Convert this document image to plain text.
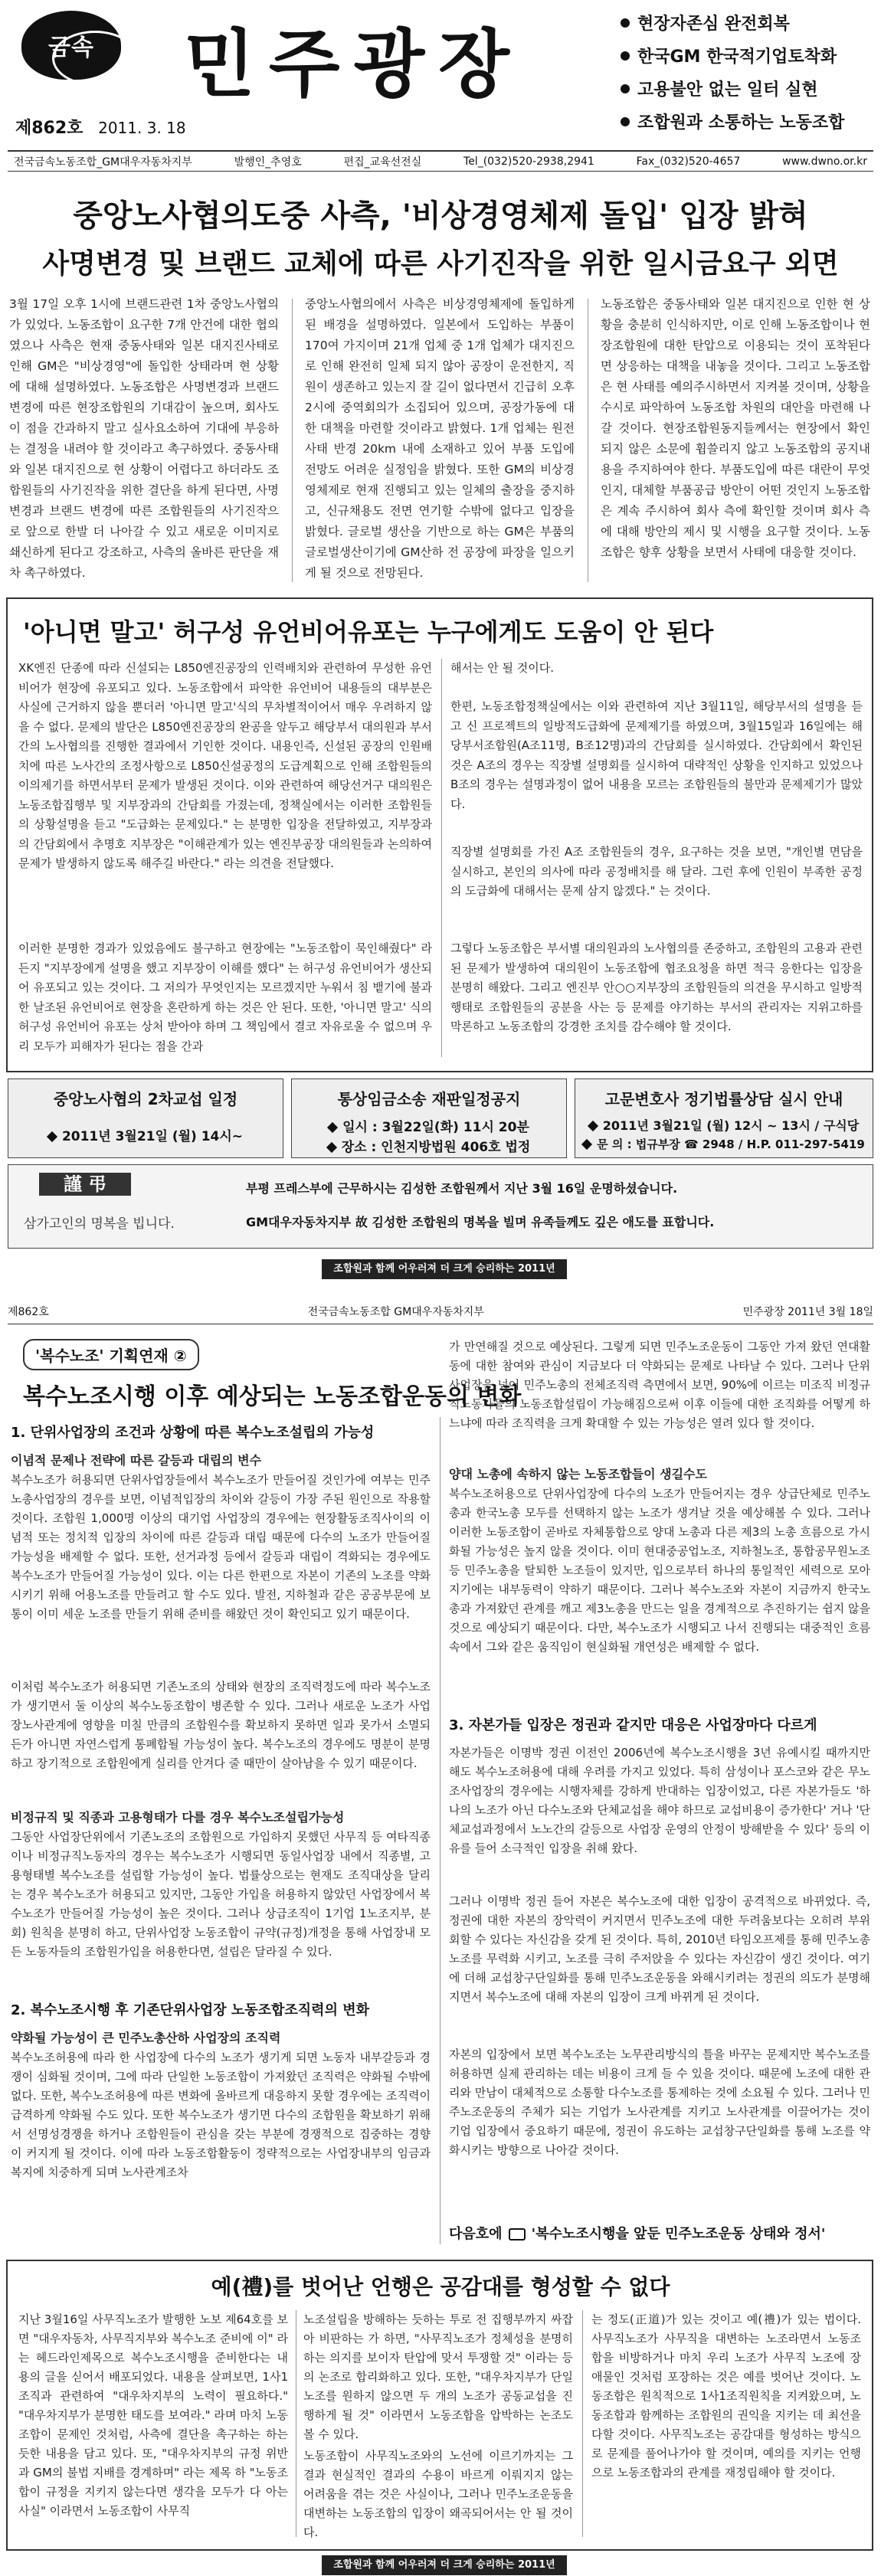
금속 민주광장
제862호 2011. 3. 18
현장자존심 완전회복
한국GM 한국적기업토착화
고용불안 없는 일터 실현
조합원과 소통하는 노동조합
전국금속노동조합_GM대우자동차지부	발행인_추영호	편집_교육선전실	Tel_(032)520-2938,2941	Fax_(032)520-4657	www.dwno.or.kr
중앙노사협의도중 사측, '비상경영체제 돌입' 입장 밝혀
사명변경 및 브랜드 교체에 따른 사기진작을 위한 일시금요구 외면

3월 17일 오후 1시에 브랜드관련 1차 중앙노사협의가 있었다. 노동조합이 요구한 7개 안건에 대한 협의였으나 사측은 현재 중동사태와 일본 대지진사태로 인해 GM은 "비상경영"에 돌입한 상태라며 현 상황에 대해 설명하였다. 노동조합은 사명변경과 브랜드 변경에 따른 현장조합원의 기대감이 높으며, 회사도 이 점을 간과하지 말고 실사요소하여 기대에 부응하는 결정을 내려야 할 것이라고 촉구하였다. 중동사태와 일본 대지진으로 현 상황이 어렵다고 하더라도 조합원들의 사기진작을 위한 결단을 하게 된다면, 사명변경과 브랜드 변경에 따른 조합원들의 사기진작으로 앞으로 한발 더 나아갈 수 있고 새로운 이미지로 쇄신하게 된다고 강조하고, 사측의 올바른 판단을 재차 촉구하였다.

중앙노사협의에서 사측은 비상경영체제에 돌입하게 된 배경을 설명하였다. 일본에서 도입하는 부품이 170여 가지이며 21개 업체 중 1개 업체가 대지진으로 인해 완전히 일체 되지 않아 공장이 운전한지, 직원이 생존하고 있는지 잘 길이 없다면서 긴급히 오후 2시에 중역회의가 소집되어 있으며, 공장가동에 대한 대책을 마련할 것이라고 밝혔다. 1개 업체는 원전사태 반경 20km 내에 소재하고 있어 부품 도입에 전망도 어려운 실정임을 밝혔다. 또한 GM의 비상경영체제로 현재 진행되고 있는 일체의 출장을 중지하고, 신규채용도 전면 연기할 수밖에 없다고 입장을 밝혔다. 글로벌 생산을 기반으로 하는 GM은 부품의 글로벌생산이기에 GM산하 전 공장에 파장을 일으키게 될 것으로 전망된다.

노동조합은 중동사태와 일본 대지진으로 인한 현 상황을 충분히 인식하지만, 이로 인해 노동조합이나 현장조합원에 대한 탄압으로 이용되는 것이 포착된다면 상응하는 대책을 내놓을 것이다. 그리고 노동조합은 현 사태를 예의주시하면서 지켜볼 것이며, 상황을 수시로 파악하여 노동조합 차원의 대안을 마련해 나갈 것이다. 현장조합원동지들께서는 현장에서 확인되지 않은 소문에 휩쓸리지 않고 노동조합의 공지내용을 주지하여야 한다. 부품도입에 따른 대란이 무엇인지, 대체할 부품공급 방안이 어떤 것인지 노동조합은 계속 주시하여 회사 측에 확인할 것이며 회사 측에 대해 방안의 제시 및 시행을 요구할 것이다. 노동조합은 향후 상황을 보면서 사태에 대응할 것이다.

'아니면 말고' 허구성 유언비어유포는 누구에게도 도움이 안 된다

XK엔진 단종에 따라 신설되는 L850엔진공장의 인력배치와 관련하여 무성한 유언비어가 현장에 유포되고 있다. 노동조합에서 파악한 유언비어 내용들의 대부분은 사실에 근거하지 않을 뿐더러 '아니면 말고'식의 무차별적이어서 매우 우려하지 않을 수 없다. 문제의 발단은 L850엔진공장의 완공을 앞두고 해당부서 대의원과 부서간의 노사협의를 진행한 결과에서 기인한 것이다. 내용인즉, 신설된 공장의 인원배치에 따른 노사간의 조정사항으로 L850신설공정의 도급계획으로 인해 조합원들의 이의제기를 하면서부터 문제가 발생된 것이다. 이와 관련하여 해당선거구 대의원은 노동조합집행부 및 지부장과의 간담회를 가졌는데, 정책실에서는 이러한 조합원들의 상황설명을 듣고 "도급화는 문제있다." 는 분명한 입장을 전달하였고, 지부장과의 간담회에서 추명호 지부장은 "이해관계가 있는 엔진부공장 대의원들과 논의하여 문제가 발생하지 않도록 해주길 바란다." 라는 의견을 전달했다.

이러한 분명한 경과가 있었음에도 불구하고 현장에는 "노동조합이 묵인해줬다" 라든지 "지부장에게 설명을 했고 지부장이 이해를 했다" 는 허구성 유언비어가 생산되어 유포되고 있는 것이다. 그 저의가 무엇인지는 모르겠지만 누워서 침 뱉기에 불과한 날조된 유언비어로 현장을 혼란하게 하는 것은 안 된다. 또한, '아니면 말고' 식의 허구성 유언비어 유포는 상처 받아야 하며 그 책임에서 결코 자유로울 수 없으며 우리 모두가 피해자가 된다는 점을 간과

해서는 안 될 것이다.

한편, 노동조합정책실에서는 이와 관련하여 지난 3월11일, 해당부서의 설명을 듣고 신 프로젝트의 일방적도급화에 문제제기를 하였으며, 3월15일과 16일에는 해당부서조합원(A조11명, B조12명)과의 간담회를 실시하였다. 간담회에서 확인된 것은 A조의 경우는 직장별 설명회를 실시하여 대략적인 상황을 인지하고 있었으나 B조의 경우는 설명과정이 없어 내용을 모르는 조합원들의 불만과 문제제기가 많았다.

직장별 설명회를 가진 A조 조합원들의 경우, 요구하는 것을 보면, "개인별 면담을 실시하고, 본인의 의사에 따라 공정배치를 해 달라. 그런 후에 인원이 부족한 공정의 도급화에 대해서는 문제 삼지 않겠다." 는 것이다.

그렇다 노동조합은 부서별 대의원과의 노사협의를 존중하고, 조합원의 고용과 관련된 문제가 발생하여 대의원이 노동조합에 협조요청을 하면 적극 응한다는 입장을 분명히 해왔다. 그리고 엔진부 안○○지부장의 조합원들의 의견을 무시하고 일방적 행태로 조합원들의 공분을 사는 등 문제를 야기하는 부서의 관리자는 지위고하를 막론하고 노동조합의 강경한 조치를 감수해야 할 것이다.

중앙노사협의 2차교섭 일정
2011년 3월21일 (월) 14시~
통상임금소송 재판일정공지
일시 : 3월22일(화) 11시 20분
장소 : 인천지방법원 406호 법정
고문변호사 정기법률상담 실시 안내
2011년 3월21일 (월) 12시 ~ 13시 / 구식당
문 의 : 법규부장 ☎ 2948 / H.P. 011-297-5419
謹 弔
삼가고인의 명복을 빕니다.
부평 프레스부에 근무하시는 김성한 조합원께서 지난 3월 16일 운명하셨습니다.
GM대우자동차지부 故 김성한 조합원의 명복을 빌며 유족들께도 깊은 애도를 표합니다.
조합원과 함께 어우러져 더 크게 승리하는 2011년
제862호	전국금속노동조합 GM대우자동차지부	민주광장 2011년 3월 18일
'복수노조' 기획연재 ②
복수노조시행 이후 예상되는 노동조합운동의 변화
1. 단위사업장의 조건과 상황에 따른 복수노조설립의 가능성
이념적 문제나 전략에 따른 갈등과 대립의 변수

복수노조가 허용되면 단위사업장들에서 복수노조가 만들어질 것인가에 여부는 민주노총사업장의 경우를 보면, 이념적입장의 차이와 갈등이 가장 주된 원인으로 작용할 것이다. 조합원 1,000명 이상의 대기업 사업장의 경우에는 현장활동조직사이의 이념적 또는 정치적 입장의 차이에 따른 갈등과 대립 때문에 다수의 노조가 만들어질 가능성을 배제할 수 없다. 또한, 선거과정 등에서 갈등과 대립이 격화되는 경우에도 복수노조가 만들어질 가능성이 있다. 이는 다른 한편으로 자본이 기존의 노조를 약화시키기 위해 어용노조를 만들려고 할 수도 있다. 발전, 지하철과 같은 공공부문에 보통이 이미 세운 노조를 만들기 위해 준비를 해왔던 것이 확인되고 있기 때문이다.

이처럼 복수노조가 허용되면 기존노조의 상태와 현장의 조직력정도에 따라 복수노조가 생기면서 둘 이상의 복수노동조합이 병존할 수 있다. 그러나 새로운 노조가 사업장노사관계에 영향을 미칠 만큼의 조합원수를 확보하지 못하면 일과 못가서 소멸되든가 아니면 자연스럽게 통폐합될 가능성이 높다. 복수노조의 경우에도 명분이 분명하고 장기적으로 조합원에게 실리를 안겨다 줄 때만이 살아남을 수 있기 때문이다.

비정규직 및 직종과 고용형태가 다를 경우 복수노조설립가능성

그동안 사업장단위에서 기존노조의 조합원으로 가입하지 못했던 사무직 등 여타직종이나 비정규직노동자의 경우는 복수노조가 시행되면 동일사업장 내에서 직종별, 고용형태별 복수노조를 설립할 가능성이 높다. 법률상으로는 현재도 조직대상을 달리는 경우 복수노조가 허용되고 있지만, 그동안 가입을 허용하지 않았던 사업장에서 복수노조가 만들어질 가능성이 높은 것이다. 그러나 상급조직이 1기업 1노조지부, 분회) 원칙을 분명히 하고, 단위사업장 노동조합이 규약(규정)개정을 통해 사업장내 모든 노동자들의 조합원가입을 허용한다면, 설립은 달라질 수 있다.

2. 복수노조시행 후 기존단위사업장 노동조합조직력의 변화
약화될 가능성이 큰 민주노총산하 사업장의 조직력

복수노조허용에 따라 한 사업장에 다수의 노조가 생기게 되면 노동자 내부갈등과 경쟁이 심화될 것이며, 그에 따라 단일한 노동조합이 가져왔던 조직력은 약화될 수밖에 없다. 또한, 복수노조허용에 따른 변화에 올바르게 대응하지 못할 경우에는 조직력이 급격하게 약화될 수도 있다. 또한 복수노조가 생기면 다수의 조합원을 확보하기 위해서 선명성경쟁을 하거나 조합원들이 관심을 갖는 부분에 경쟁적으로 집중하는 경향이 커지게 될 것이다. 이에 따라 노동조합활동이 정략적으로는 사업장내부의 임금과 복지에 치중하게 되며 노사관계조차

가 만연해질 것으로 예상된다. 그렇게 되면 민주노조운동이 그동안 가져 왔던 연대활동에 대한 참여와 관심이 지금보다 더 약화되는 문제로 나타날 수 있다. 그러나 단위사업장을 넘어 민주노총의 전체조직력 측면에서 보면, 90%에 이르는 미조직 비정규직노동자들의 노동조합설립이 가능해짐으로써 이후 이들에 대한 조직화를 어떻게 하느냐에 따라 조직력을 크게 확대할 수 있는 가능성은 열려 있다 할 것이다.

양대 노총에 속하지 않는 노동조합들이 생길수도

복수노조허용으로 단위사업장에 다수의 노조가 만들어지는 경우 상급단체로 민주노총과 한국노총 모두를 선택하지 않는 노조가 생겨날 것을 예상해볼 수 있다. 그러나 이러한 노동조합이 곧바로 자체통합으로 양대 노총과 다른 제3의 노총 흐름으로 가시화될 가능성은 높지 않을 것이다. 이미 현대중공업노조, 지하철노조, 통합공무원노조 등 민주노총을 탈퇴한 노조들이 있지만, 입으로부터 하나의 통일적인 세력으로 모아지기에는 내부동력이 약하기 때문이다. 그러나 복수노조와 자본이 지금까지 한국노총과 가져왔던 관계를 깨고 제3노총을 만드는 일을 경계적으로 추진하기는 쉽지 않을 것으로 예상되기 때문이다. 다만, 복수노조가 시행되고 나서 진행되는 대중적인 흐름 속에서 그와 같은 움직임이 현실화될 개연성은 배제할 수 없다.

3. 자본가들 입장은 정권과 같지만 대응은 사업장마다 다르게

자본가들은 이명박 정권 이전인 2006년에 복수노조시행을 3년 유예시킬 때까지만 해도 복수노조허용에 대해 우려를 가지고 있었다. 특히 삼성이나 포스코와 같은 무노조사업장의 경우에는 시행자체를 강하게 반대하는 입장이었고, 다른 자본가들도 '하나의 노조가 아닌 다수노조와 단체교섭을 해야 하므로 교섭비용이 증가한다' 거나 '단체교섭과정에서 노노간의 갈등으로 사업장 운영의 안정이 방해받을 수 있다' 등의 이유를 들어 소극적인 입장을 취해 왔다.

그러나 이명박 정권 들어 자본은 복수노조에 대한 입장이 공격적으로 바뀌었다. 즉, 정권에 대한 자본의 장악력이 커지면서 민주노조에 대한 두려움보다는 오히려 부위회할 수 있다는 자신감을 갖게 된 것이다. 특히, 2010년 타임오프제를 통해 민주노총노조를 무력화 시키고, 노조를 극히 주저앉을 수 있다는 자신감이 생긴 것이다. 여기에 더해 교섭창구단일화를 통해 민주노조운동을 와해시키려는 정권의 의도가 분명해지면서 복수노조에 대해 자본의 입장이 크게 바뀌게 된 것이다.

자본의 입장에서 보면 복수노조는 노무관리방식의 틀을 바꾸는 문제지만 복수노조를 허용하면 실제 관리하는 데는 비용이 크게 들 수 있을 것이다. 때문에 노조에 대한 관리와 만남이 대체적으로 소통할 다수노조를 통제하는 것에 소요될 수 있다. 그러나 민주노조운동의 주체가 되는 기업가 노사관계를 지키고 노사관계를 이끌어가는 것이 기업 입장에서 중요하기 때문에, 정권이 유도하는 교섭창구단일화를 통해 노조를 약화시키는 방향으로 나아갈 것이다.

다음호에 '복수노조시행을 앞둔 민주노조운동 상태와 정서'
예(禮)를 벗어난 언행은 공감대를 형성할 수 없다

지난 3월16일 사무직노조가 발행한 노보 제64호를 보면 "대우자동차, 사무직지부와 복수노조 준비에 이" 라는 헤드라인제목으로 복수노조시행을 준비한다는 내용의 글을 싣어서 배포되었다. 내용을 살펴보면, 1사1조직과 관련하여 "대우차지부의 노력이 필요하다." "대우차지부가 분명한 태도를 보여라." 라며 마치 노동조합이 문제인 것처럼, 사측에 결단을 촉구하는 하는듯한 내용을 담고 있다. 또, "대우차지부의 규정 위반과 GM의 불법 지배를 경계하며" 라는 제목 하 "노동조합이 규정을 지키지 않는다면 생각을 모두가 다 아는 사실" 이라면서 노동조합이 사무직

노조설립을 방해하는 듯하는 투로 전 집행부까지 싸잡아 비판하는 가 하면, "사무직노조가 정체성을 분명히 하는 의지를 보이자 탄압에 맞서 투쟁할 것" 이라는 등의 논조로 합리화하고 있다. 또한, "대우차지부가 단일노조를 원하지 않으면 두 개의 노조가 공동교섭을 진행하게 될 것" 이라면서 노동조합을 압박하는 논조도 볼 수 있다.

노동조합이 사무직노조와의 노선에 이르기까지는 그 결과 현실적인 결과의 수용이 바르게 이뤄지지 않는 어려움을 겪는 것은 사실이나, 그러나 민주노조운동을 대변하는 노동조합의 입장이 왜곡되어서는 안 될 것이다.

는 정도(正道)가 있는 것이고 예(禮)가 있는 법이다. 사무직노조가 사무직을 대변하는 노조라면서 노동조합을 비방하거나 마치 우리 노조가 사무직 노조에 장애물인 것처럼 포장하는 것은 예를 벗어난 것이다. 노동조합은 원칙적으로 1사1조직원칙을 지켜왔으며, 노동조합과 함께하는 조합원의 권익을 지키는 데 최선을 다할 것이다. 사무직노조는 공감대를 형성하는 방식으로 문제를 풀어나가야 할 것이며, 예의를 지키는 언행으로 노동조합과의 관계를 재정립해야 할 것이다.

조합원과 함께 어우러져 더 크게 승리하는 2011년
